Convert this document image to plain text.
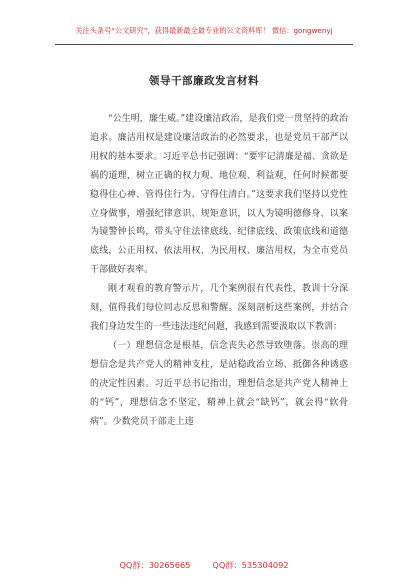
关注头条号“公文研究”，获得最新最全最专业的公文资料库！ 微信：gongwenyj
领导干部廉政发言材料

“公生明，廉生威。”建设廉洁政治，是我们党一贯坚持的政治追求。廉洁用权是建设廉洁政治的必然要求，也是党员干部严以用权的基本要求。习近平总书记强调：“要牢记清廉是福、贪欲是祸的道理，树立正确的权力观、地位观、利益观，任何时候都要稳得住心神、管得住行为、守得住清白。”这要求我们坚持以党性立身做事，增强纪律意识、规矩意识，以人为镜明德修身、以案为镜警钟长鸣，带头守住法律底线、纪律底线、政策底线和道德底线，公正用权、依法用权、为民用权、廉洁用权，为全市党员干部做好表率。

刚才观看的教育警示片，几个案例很有代表性，教训十分深刻，值得我们每位同志反思和警醒。深刻剖析这些案例，并结合我们身边发生的一些违法违纪问题，我感到需要汲取以下教训：

（一）理想信念是根基，信念丧失必然导致堕落。崇高的理想信念是共产党人的精神支柱，是站稳政治立场、抵御各种诱惑的决定性因素。习近平总书记指出，理想信念是共产党人精神上的“钙”，理想信念不坚定，精神上就会“缺钙”，就会得“软骨病”。少数党员干部走上违

QQ群：30265665	QQ群：535304092
